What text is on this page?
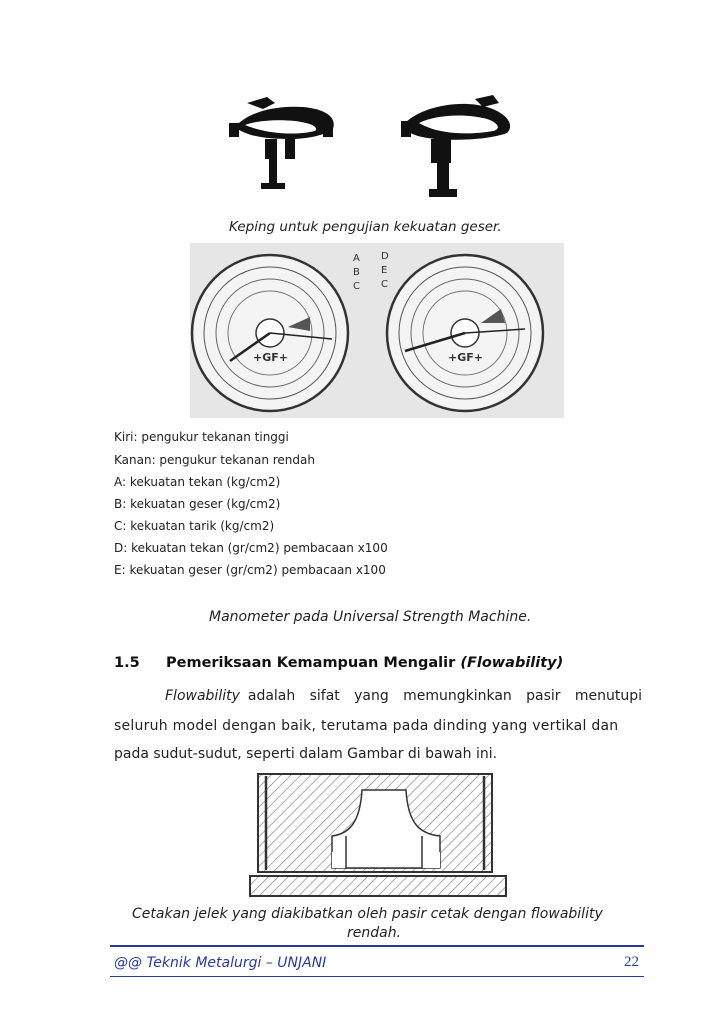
Keping untuk pengujian kekuatan geser.
+GF+	+GF+
A
B
C
D
E
C
Kiri: pengukur tekanan tinggi
Kanan: pengukur tekanan rendah
A: kekuatan tekan (kg/cm2)
B: kekuatan geser (kg/cm2)
C: kekuatan tarik (kg/cm2)
D: kekuatan tekan (gr/cm2) pembacaan x100
E: kekuatan geser (gr/cm2) pembacaan x100
Manometer pada Universal Strength Machine.
1.5 Pemeriksaan Kemampuan Mengalir (Flowability)
Flowability adalah sifat yang memungkinkan pasir menutupi
seluruh model dengan baik, terutama pada dinding yang vertikal dan
pada sudut-sudut, seperti dalam Gambar di bawah ini.
Cetakan jelek yang diakibatkan oleh pasir cetak dengan flowability
rendah.
@@ Teknik Metalurgi – UNJANI	22
